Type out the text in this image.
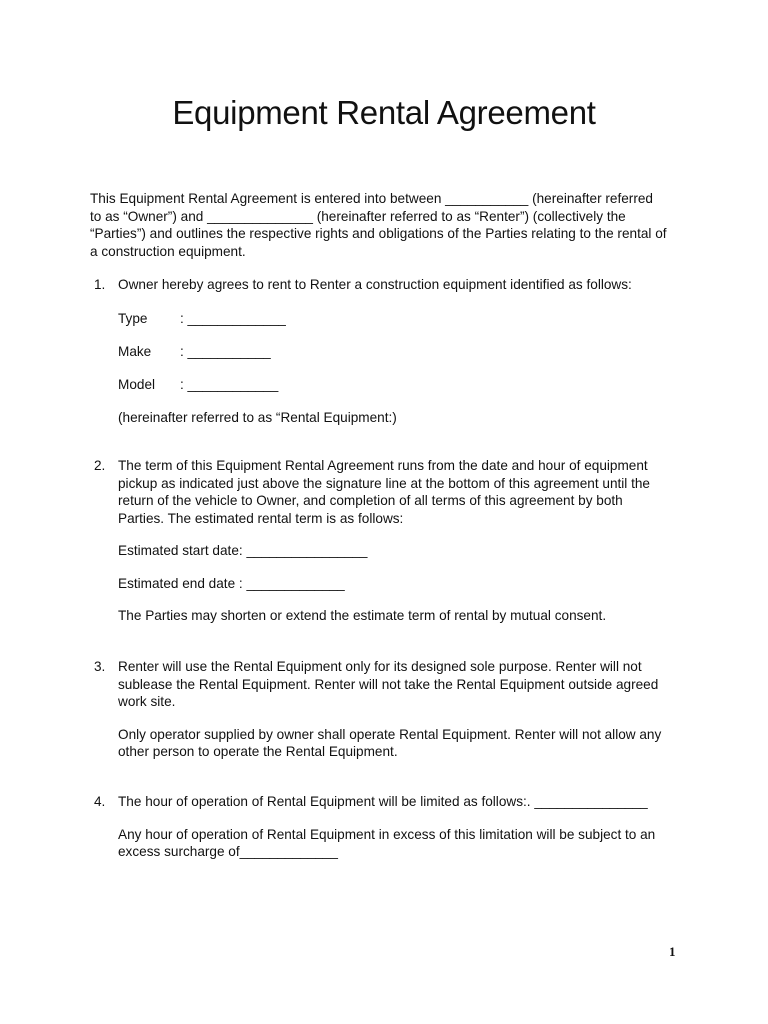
Equipment Rental Agreement
This Equipment Rental Agreement is entered into between ___________ (hereinafter referred
to as “Owner”) and ______________ (hereinafter referred to as “Renter”) (collectively the
“Parties”) and outlines the respective rights and obligations of the Parties relating to the rental of
a construction equipment.
1. Owner hereby agrees to rent to Renter a construction equipment identified as follows:
Type	: _____________
Make	: ___________
Model	: ____________
(hereinafter referred to as “Rental Equipment:)
2. The term of this Equipment Rental Agreement runs from the date and hour of equipment
pickup as indicated just above the signature line at the bottom of this agreement until the
return of the vehicle to Owner, and completion of all terms of this agreement by both
Parties. The estimated rental term is as follows:
Estimated start date: ________________
Estimated end date : _____________
The Parties may shorten or extend the estimate term of rental by mutual consent.
3. Renter will use the Rental Equipment only for its designed sole purpose. Renter will not
sublease the Rental Equipment. Renter will not take the Rental Equipment outside agreed
work site.
Only operator supplied by owner shall operate Rental Equipment. Renter will not allow any
other person to operate the Rental Equipment.
4. The hour of operation of Rental Equipment will be limited as follows:. _______________
Any hour of operation of Rental Equipment in excess of this limitation will be subject to an
excess surcharge of_____________
1
